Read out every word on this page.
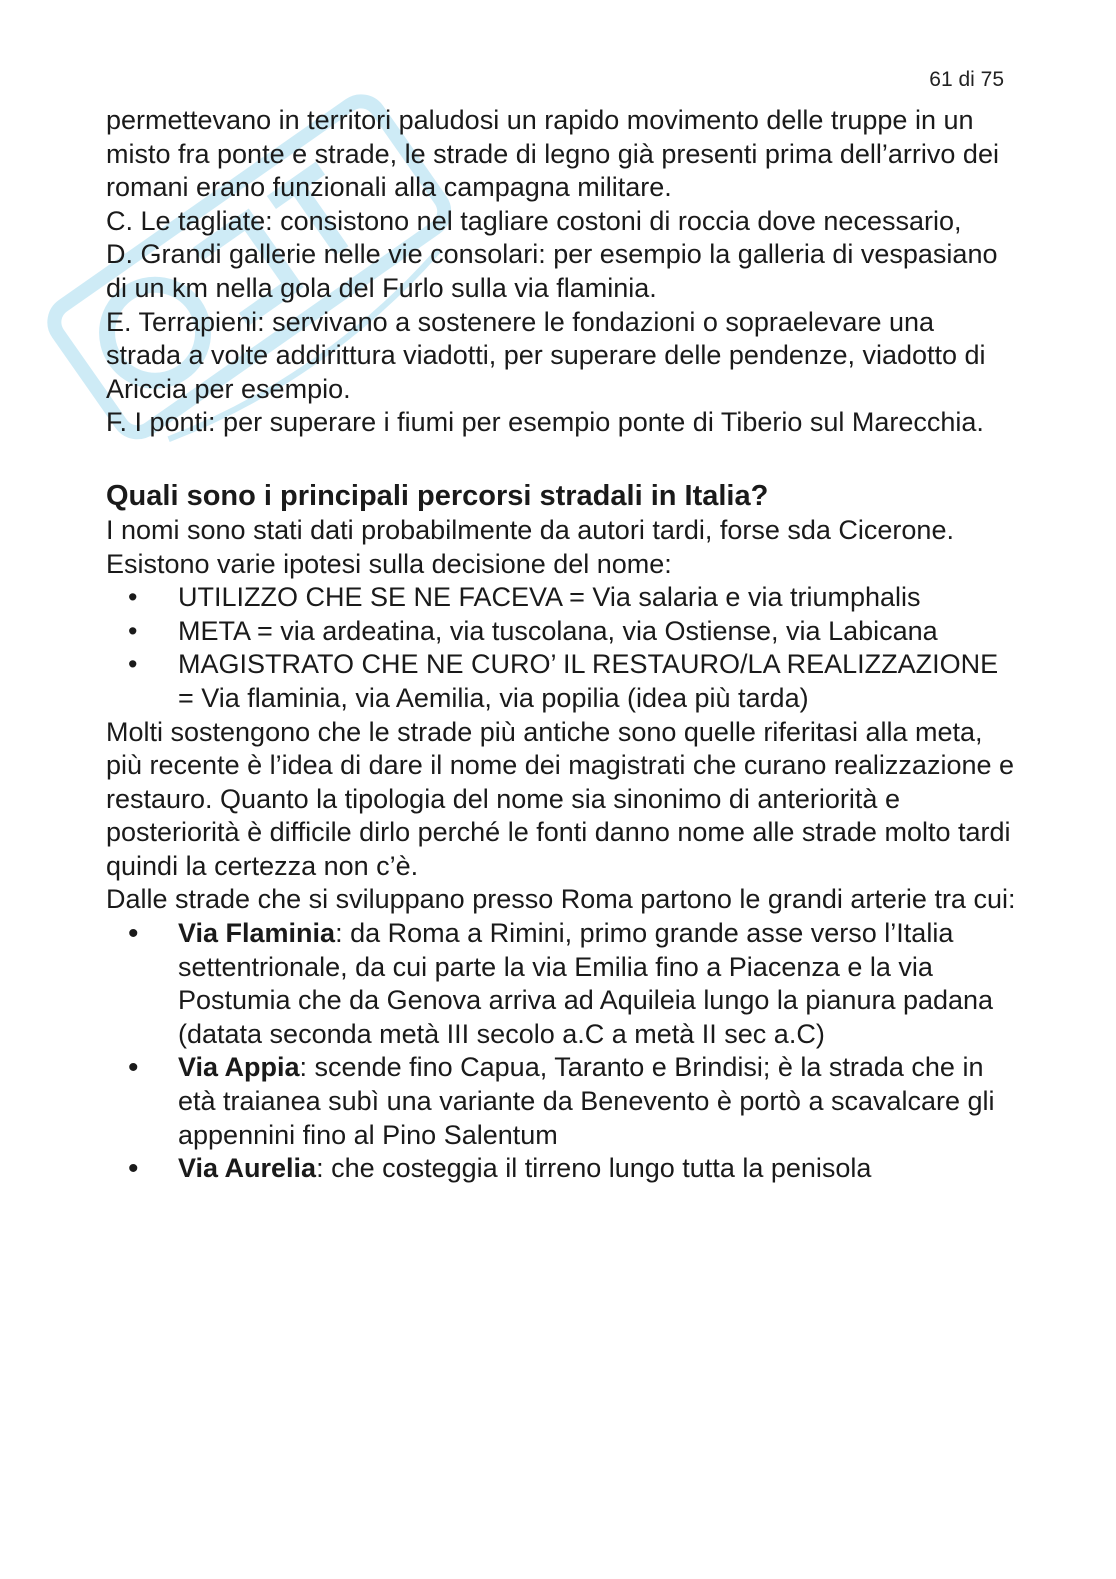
61 di 75

permettevano in territori paludosi un rapido movimento delle truppe in un misto fra ponte e strade, le strade di legno già presenti prima dell’arrivo dei romani erano funzionali alla campagna militare.

C. Le tagliate: consistono nel tagliare costoni di roccia dove necessario,

D. Grandi gallerie nelle vie consolari: per esempio la galleria di vespasiano di un km nella gola del Furlo sulla via flaminia.

E. Terrapieni: servivano a sostenere le fondazioni o sopraelevare una strada a volte addirittura viadotti, per superare delle pendenze, viadotto di Ariccia per esempio.

F. I ponti: per superare i fiumi per esempio ponte di Tiberio sul Marecchia.

Quali sono i principali percorsi stradali in Italia?

I nomi sono stati dati probabilmente da autori tardi, forse sda Cicerone.

Esistono varie ipotesi sulla decisione del nome:

• UTILIZZO CHE SE NE FACEVA = Via salaria e via triumphalis
• META = via ardeatina, via tuscolana, via Ostiense, via Labicana
• MAGISTRATO CHE NE CURO’ IL RESTAURO/LA REALIZZAZIONE = Via flaminia, via Aemilia, via popilia (idea più tarda)

Molti sostengono che le strade più antiche sono quelle riferitasi alla meta, più recente è l’idea di dare il nome dei magistrati che curano realizzazione e restauro. Quanto la tipologia del nome sia sinonimo di anteriorità e posteriorità è difficile dirlo perché le fonti danno nome alle strade molto tardi quindi la certezza non c’è.

Dalle strade che si sviluppano presso Roma partono le grandi arterie tra cui:

• Via Flaminia: da Roma a Rimini, primo grande asse verso l’Italia settentrionale, da cui parte la via Emilia fino a Piacenza e la via Postumia che da Genova arriva ad Aquileia lungo la pianura padana (datata seconda metà III secolo a.C a metà II sec a.C)
• Via Appia: scende fino Capua, Taranto e Brindisi; è la strada che in età traianea subì una variante da Benevento è portò a scavalcare gli appennini fino al Pino Salentum
• Via Aurelia: che costeggia il tirreno lungo tutta la penisola
